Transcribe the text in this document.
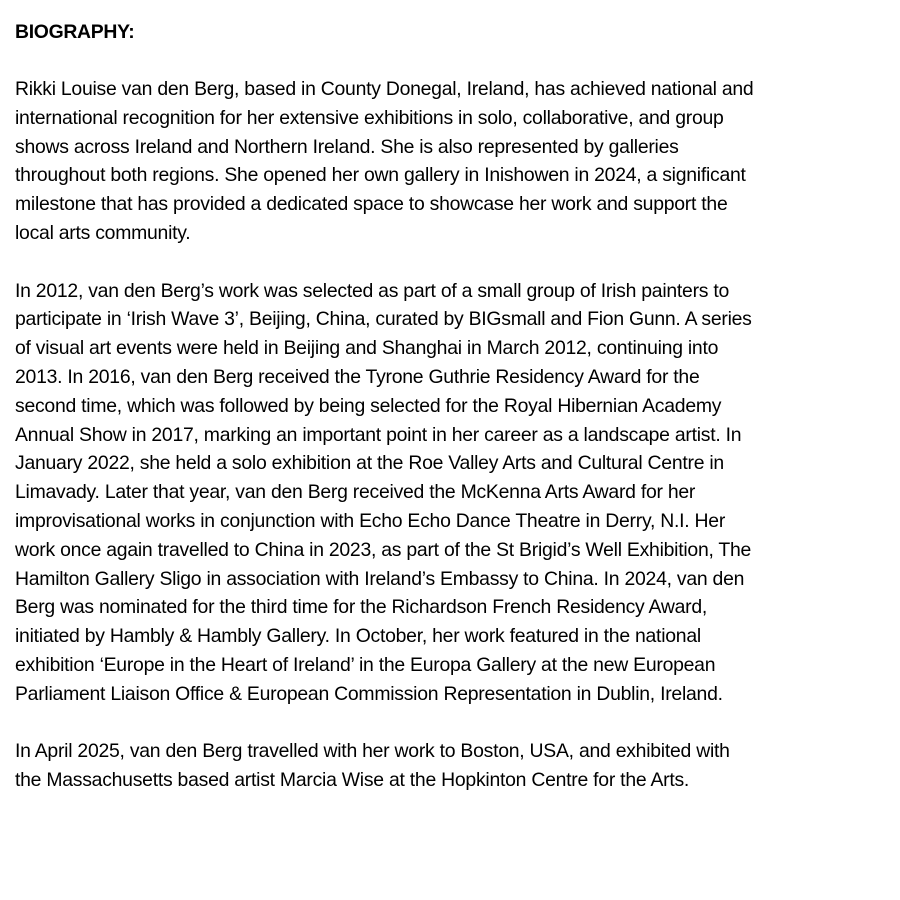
BIOGRAPHY:

Rikki Louise van den Berg, based in County Donegal, Ireland, has achieved national and
international recognition for her extensive exhibitions in solo, collaborative, and group
shows across Ireland and Northern Ireland. She is also represented by galleries
throughout both regions. She opened her own gallery in Inishowen in 2024, a significant
milestone that has provided a dedicated space to showcase her work and support the
local arts community.

In 2012, van den Berg’s work was selected as part of a small group of Irish painters to
participate in ‘Irish Wave 3’, Beijing, China, curated by BIGsmall and Fion Gunn. A series
of visual art events were held in Beijing and Shanghai in March 2012, continuing into
2013. In 2016, van den Berg received the Tyrone Guthrie Residency Award for the
second time, which was followed by being selected for the Royal Hibernian Academy
Annual Show in 2017, marking an important point in her career as a landscape artist. In
January 2022, she held a solo exhibition at the Roe Valley Arts and Cultural Centre in
Limavady. Later that year, van den Berg received the McKenna Arts Award for her
improvisational works in conjunction with Echo Echo Dance Theatre in Derry, N.I. Her
work once again travelled to China in 2023, as part of the St Brigid’s Well Exhibition, The
Hamilton Gallery Sligo in association with Ireland’s Embassy to China. In 2024, van den
Berg was nominated for the third time for the Richardson French Residency Award,
initiated by Hambly & Hambly Gallery. In October, her work featured in the national
exhibition ‘Europe in the Heart of Ireland’ in the Europa Gallery at the new European
Parliament Liaison Office & European Commission Representation in Dublin, Ireland.

In April 2025, van den Berg travelled with her work to Boston, USA, and exhibited with
the Massachusetts based artist Marcia Wise at the Hopkinton Centre for the Arts.
